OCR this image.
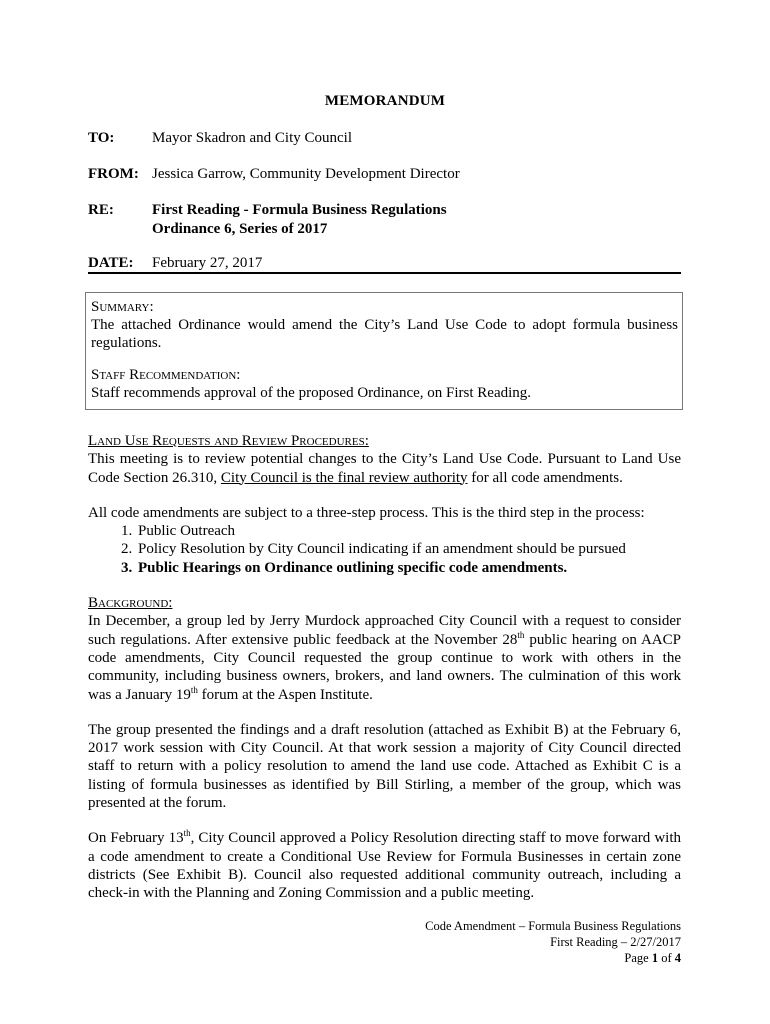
MEMORANDUM
TO:	Mayor Skadron and City Council
FROM: Jessica Garrow, Community Development Director
RE:	First Reading - Formula Business Regulations
Ordinance 6, Series of 2017
DATE: February 27, 2017

Summary:

The attached Ordinance would amend the City’s Land Use Code to adopt formula business regulations.

Staff Recommendation:

Staff recommends approval of the proposed Ordinance, on First Reading.

Land Use Requests and Review Procedures:

This meeting is to review potential changes to the City’s Land Use Code. Pursuant to Land Use Code Section 26.310, City Council is the final review authority for all code amendments.

All code amendments are subject to a three-step process. This is the third step in the process:

1. Public Outreach
2. Policy Resolution by City Council indicating if an amendment should be pursued
3. Public Hearings on Ordinance outlining specific code amendments.

Background:

In December, a group led by Jerry Murdock approached City Council with a request to consider such regulations. After extensive public feedback at the November 28th public hearing on AACP code amendments, City Council requested the group continue to work with others in the community, including business owners, brokers, and land owners. The culmination of this work was a January 19th forum at the Aspen Institute.

The group presented the findings and a draft resolution (attached as Exhibit B) at the February 6, 2017 work session with City Council. At that work session a majority of City Council directed staff to return with a policy resolution to amend the land use code. Attached as Exhibit C is a listing of formula businesses as identified by Bill Stirling, a member of the group, which was presented at the forum.

On February 13th, City Council approved a Policy Resolution directing staff to move forward with a code amendment to create a Conditional Use Review for Formula Businesses in certain zone districts (See Exhibit B). Council also requested additional community outreach, including a check-in with the Planning and Zoning Commission and a public meeting.

Code Amendment – Formula Business Regulations
First Reading – 2/27/2017
Page 1 of 4
